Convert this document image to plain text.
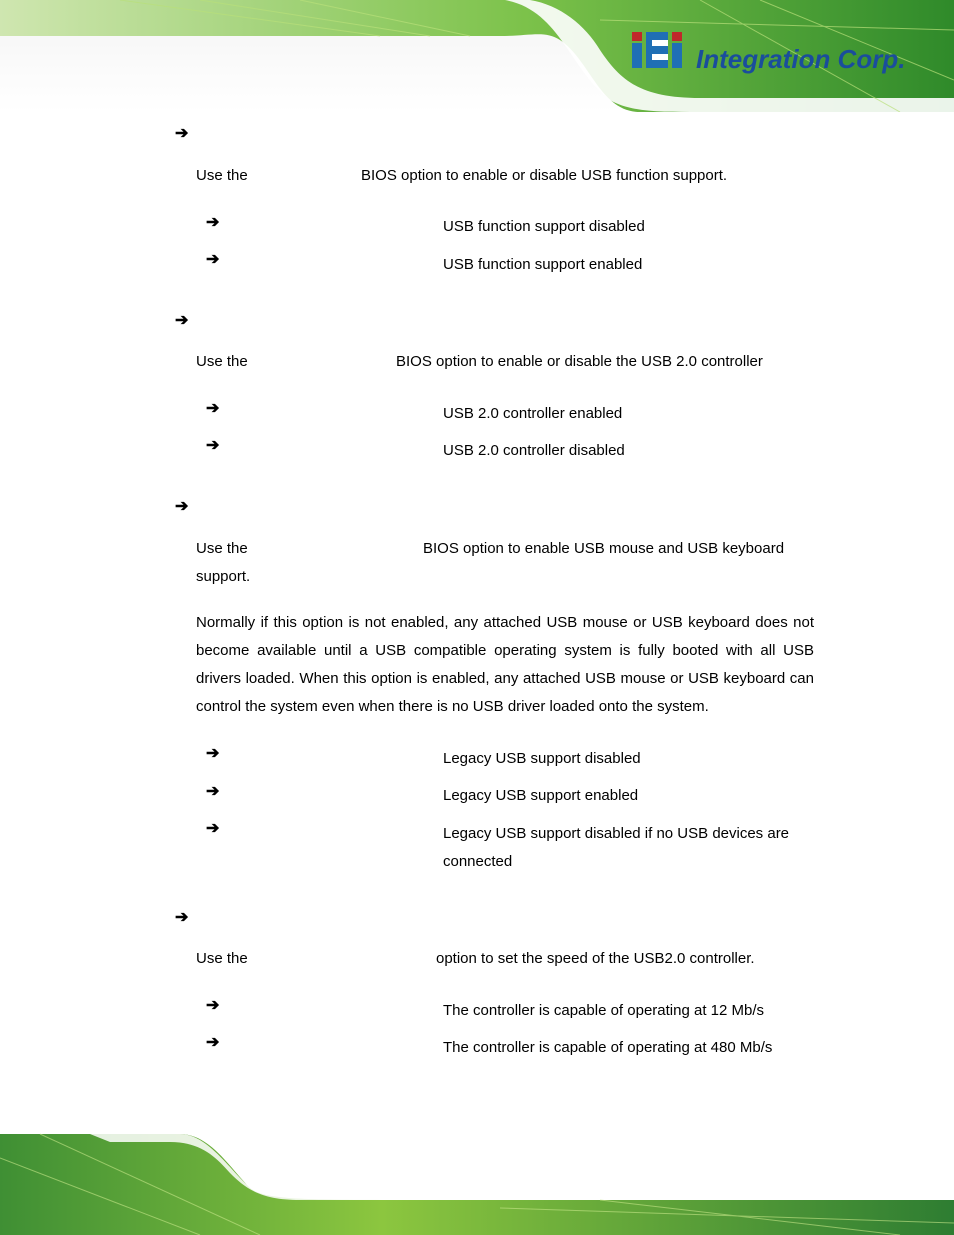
Integration Corp.
➔
Use the	BIOS option to enable or disable USB function support.
➔	USB function support disabled
➔	USB function support enabled
➔
Use the	BIOS option to enable or disable the USB 2.0 controller
➔	USB 2.0 controller enabled
➔	USB 2.0 controller disabled
➔
Use the	BIOS option to enable USB mouse and USB keyboard
support.
Normally if this option is not enabled, any attached USB mouse or USB keyboard does not become available until a USB compatible operating system is fully booted with all USB drivers loaded. When this option is enabled, any attached USB mouse or USB keyboard can control the system even when there is no USB driver loaded onto the system.
➔	Legacy USB support disabled
➔	Legacy USB support enabled
➔	Legacy USB support disabled if no USB devices are
connected
➔
Use the	option to set the speed of the USB2.0 controller.
➔	The controller is capable of operating at 12 Mb/s
➔	The controller is capable of operating at 480 Mb/s
